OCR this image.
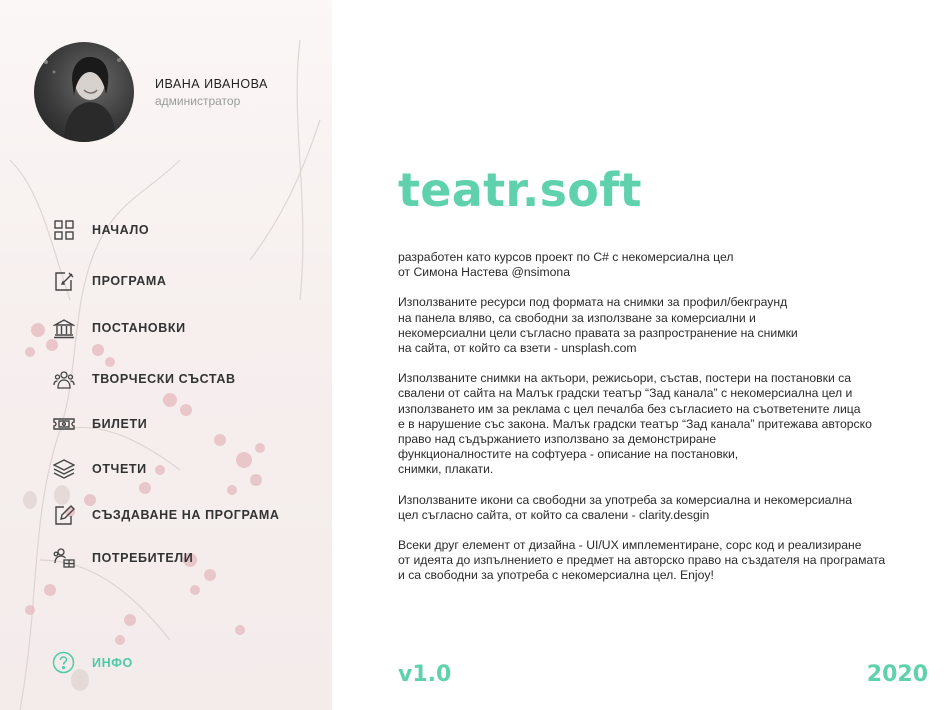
ИВАНА ИВАНОВА
администратор
НАЧАЛО
ПРОГРАМА
ПОСТАНОВКИ
ТВОРЧЕСКИ СЪСТАВ
БИЛЕТИ
ОТЧЕТИ
СЪЗДАВАНЕ НА ПРОГРАМА
ПОТРЕБИТЕЛИ
ИНФО
teatr.soft

разработен като курсов проект по C# с некомерсиална цел
от Симона Настева @nsimona

Използваните ресурси под формата на снимки за профил/бекграунд
на панела вляво, са свободни за използване за комерсиални и
некомерсиални цели съгласно правата за разпространение на снимки
на сайта, от който са взети - unsplash.com

Използваните снимки на актьори, режисьори, състав, постери на постановки са
свалени от сайта на Малък градски театър “Зад канала” с некомерсиална цел и
използването им за реклама с цел печалба без съгласието на съответените лица
е в нарушение със закона. Малък градски театър “Зад канала” притежава авторско
право над съдържанието използвано за демонстриране
функционалностите на софтуера - описание на постановки,
снимки, плакати.

Използваните икони са свободни за употреба за комерсиална и некомерсиална
цел съгласно сайта, от който са свалени - clarity.desgin

Всеки друг елемент от дизайна - UI/UX имплементиране, сорс код и реализиране
от идеята до изпълнението е предмет на авторско право на създателя на програмата
и са свободни за употреба с некомерсиална цел. Enjoy!

v1.0	2020
